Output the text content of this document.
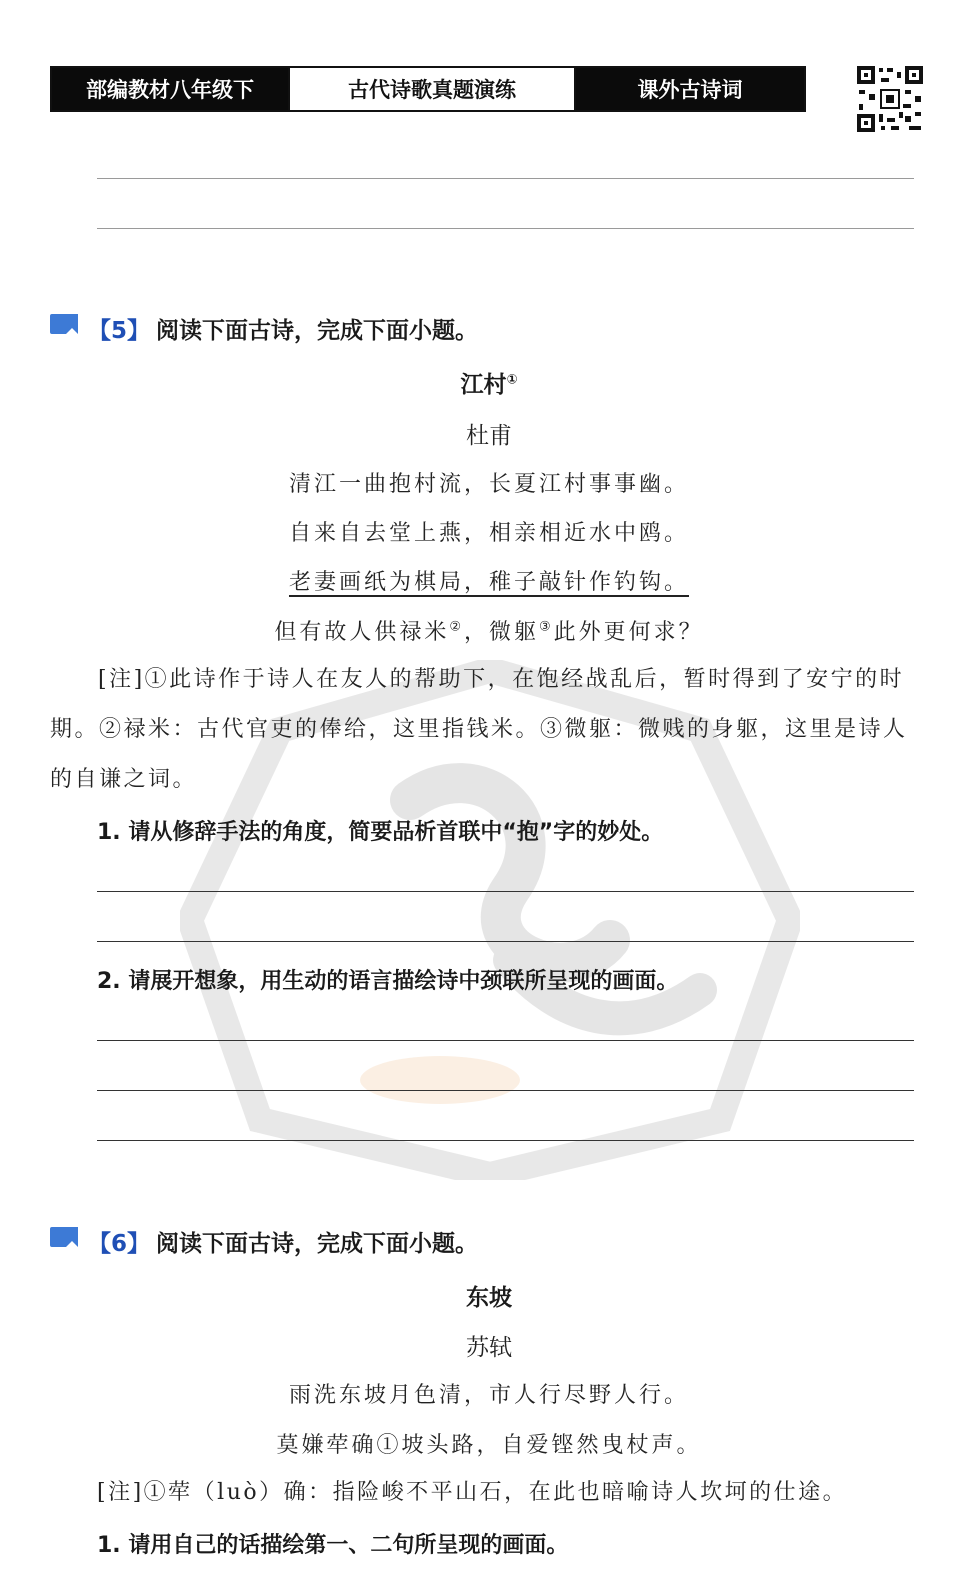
部编教材八年级下	古代诗歌真题演练	课外古诗词
【5】 阅读下面古诗，完成下面小题。
江村①
杜甫
清江一曲抱村流，长夏江村事事幽。
自来自去堂上燕，相亲相近水中鸥。
老妻画纸为棋局，稚子敲针作钓钩。
但有故人供禄米②，微躯③此外更何求？
[注]①此诗作于诗人在友人的帮助下，在饱经战乱后，暂时得到了安宁的时
期。②禄米：古代官吏的俸给，这里指钱米。③微躯：微贱的身躯，这里是诗人
的自谦之词。
1. 请从修辞手法的角度，简要品析首联中“抱”字的妙处。
2. 请展开想象，用生动的语言描绘诗中颈联所呈现的画面。
【6】 阅读下面古诗，完成下面小题。
东坡
苏轼
雨洗东坡月色清，市人行尽野人行。
莫嫌荦确①坡头路，自爱铿然曳杖声。
[注]①荦（luò）确：指险峻不平山石，在此也暗喻诗人坎坷的仕途。
1. 请用自己的话描绘第一、二句所呈现的画面。
